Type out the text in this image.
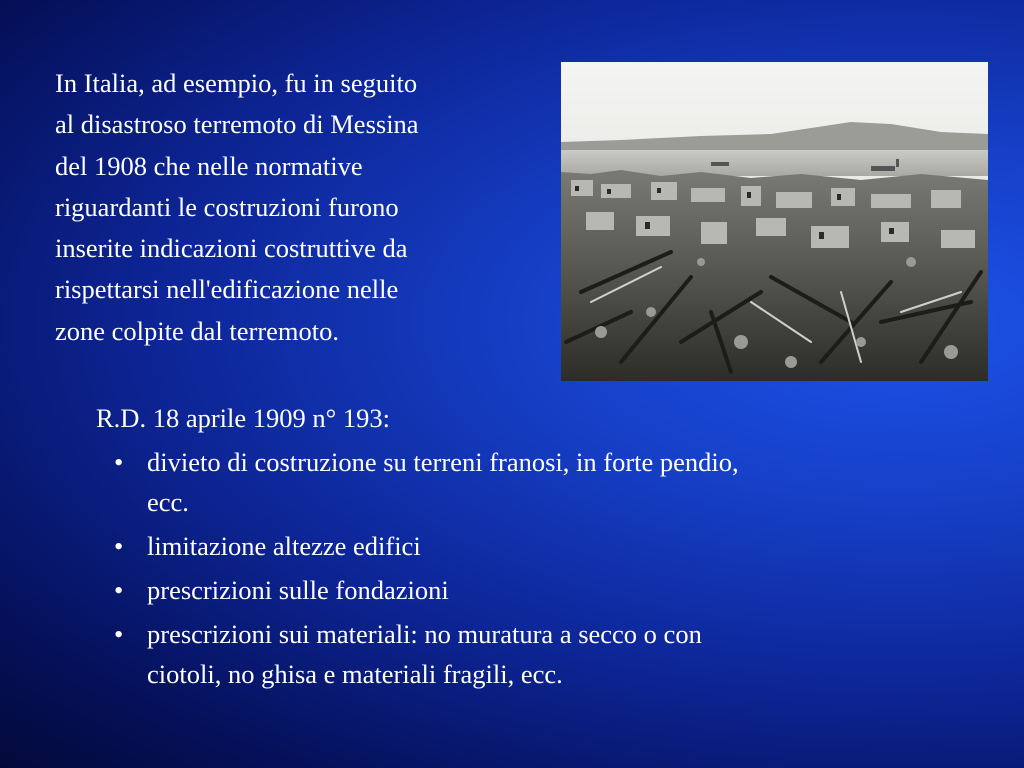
In Italia, ad esempio, fu in seguito
al disastroso terremoto di Messina
del 1908 che nelle normative
riguardanti le costruzioni furono
inserite indicazioni costruttive da
rispettarsi nell'edificazione nelle
zone colpite dal terremoto.

R.D. 18 aprile 1909 n° 193:
• divieto di costruzione su terreni franosi, in forte pendio,
ecc.
• limitazione altezze edifici
• prescrizioni sulle fondazioni
• prescrizioni sui materiali: no muratura a secco o con
ciotoli, no ghisa e materiali fragili, ecc.
